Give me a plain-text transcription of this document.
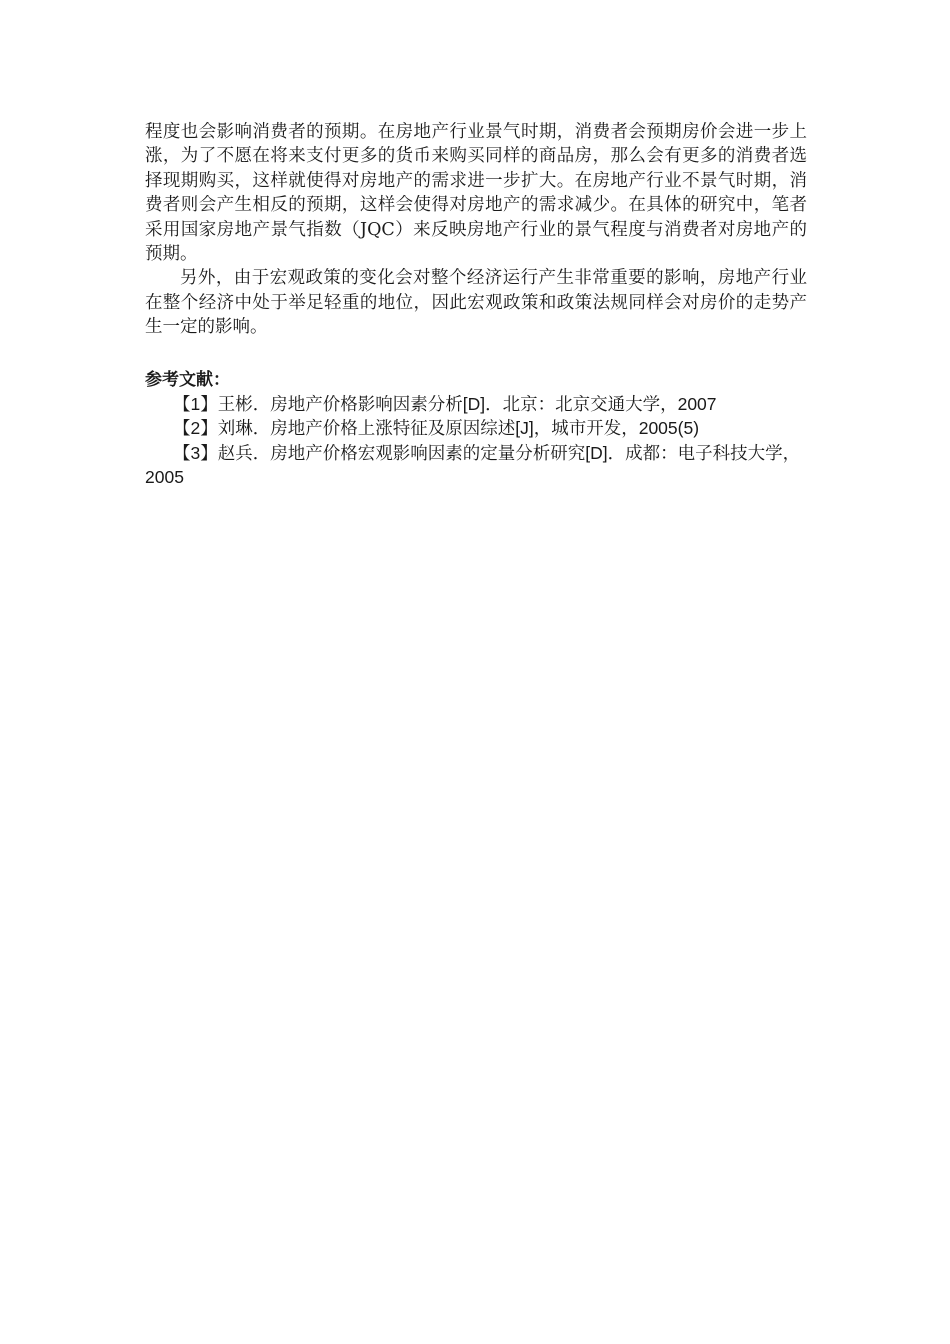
程度也会影响消费者的预期。在房地产行业景气时期，消费者会预期房价会进一步上涨，为了不愿在将来支付更多的货币来购买同样的商品房，那么会有更多的消费者选择现期购买，这样就使得对房地产的需求进一步扩大。在房地产行业不景气时期，消费者则会产生相反的预期，这样会使得对房地产的需求减少。在具体的研究中，笔者采用国家房地产景气指数（JQC）来反映房地产行业的景气程度与消费者对房地产的预期。

另外，由于宏观政策的变化会对整个经济运行产生非常重要的影响，房地产行业在整个经济中处于举足轻重的地位，因此宏观政策和政策法规同样会对房价的走势产生一定的影响。

参考文献：

【1】王彬．房地产价格影响因素分析[D]．北京：北京交通大学，2007

【2】刘琳．房地产价格上涨特征及原因综述[J]，城市开发，2005(5)

【3】赵兵．房地产价格宏观影响因素的定量分析研究[D]．成都：电子科技大学，2005
